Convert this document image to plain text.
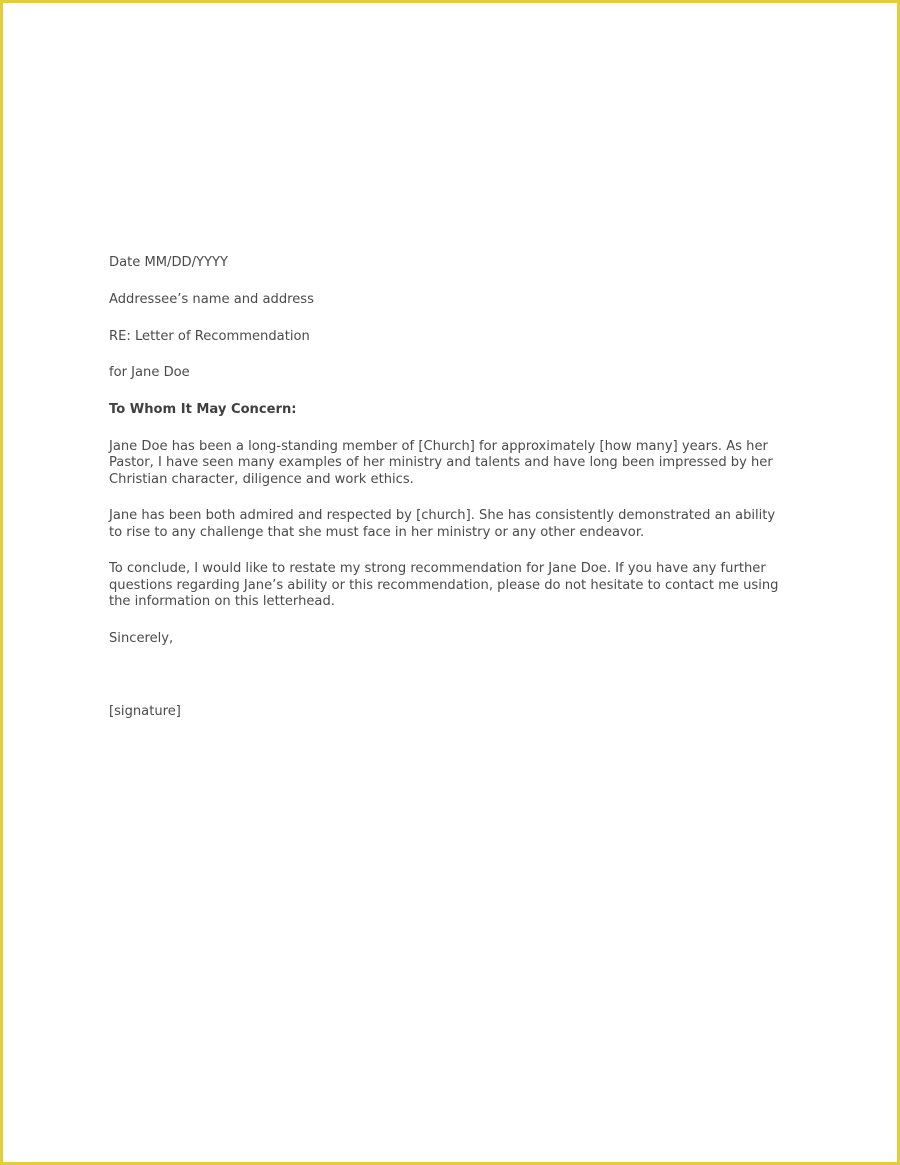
Date MM/DD/YYYY
Addressee’s name and address
RE: Letter of Recommendation
for Jane Doe
To Whom It May Concern:
Jane Doe has been a long-standing member of [Church] for approximately [how many] years. As her
Pastor, I have seen many examples of her ministry and talents and have long been impressed by her
Christian character, diligence and work ethics.
Jane has been both admired and respected by [church]. She has consistently demonstrated an ability
to rise to any challenge that she must face in her ministry or any other endeavor.
To conclude, I would like to restate my strong recommendation for Jane Doe. If you have any further
questions regarding Jane’s ability or this recommendation, please do not hesitate to contact me using
the information on this letterhead.
Sincerely,
[signature]
